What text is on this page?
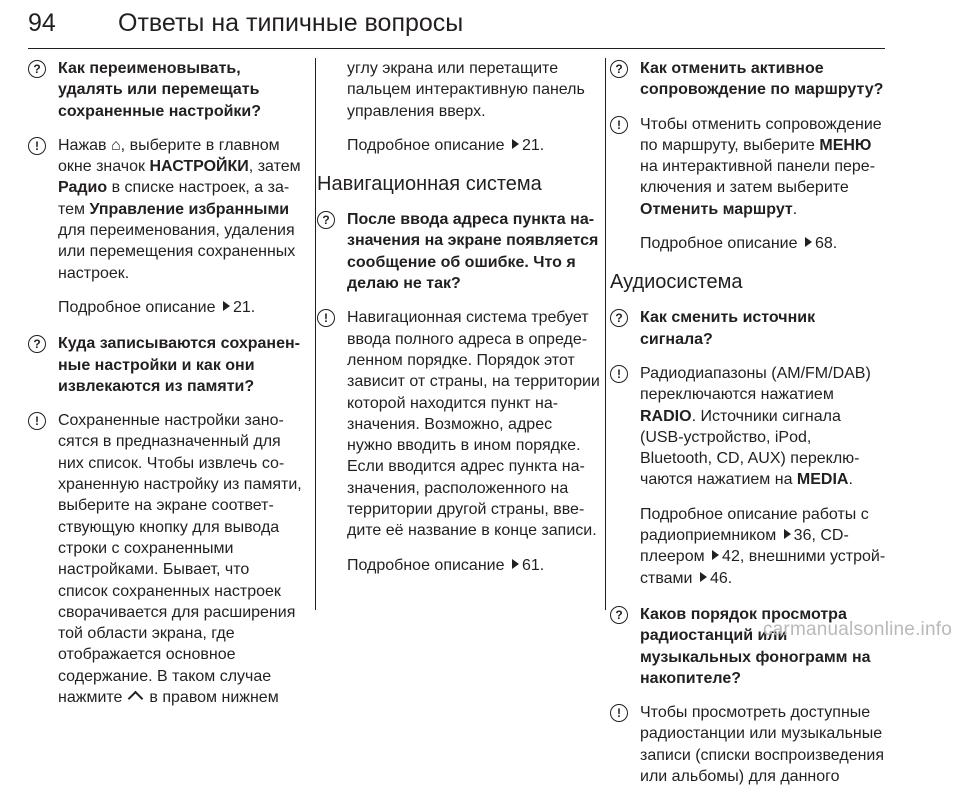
94 Ответы на типичные вопросы
?	Как переименовывать, удалять или перемещать сохраненные настройки?
!	Нажав ⌂, выберите в главном окне значок НАСТРОЙКИ, затем Радио в списке настроек, а затем Управление избранными для переименования, удаления или перемещения сохраненных настроек.
Подробное описание 21.
?	Куда записываются сохраненные настройки и как они извлекаются из памяти?
!	Сохраненные настройки заносятся в предназначенный для них список. Чтобы извлечь сохраненную настройку из памяти, выберите на экране соответствующую кнопку для вывода строки с сохраненными настройками. Бывает, что список сохраненных настроек сворачивается для расширения той области экрана, где отображается основное содержание. В таком случае нажмите в правом нижнем
углу экрана или перетащите пальцем интерактивную панель управления вверх.
Подробное описание 21.
Навигационная система
?	После ввода адреса пункта назначения на экране появляется сообщение об ошибке. Что я делаю не так?
!	Навигационная система требует ввода полного адреса в определенном порядке. Порядок этот зависит от страны, на территории которой находится пункт назначения. Возможно, адрес нужно вводить в ином порядке. Если вводится адрес пункта назначения, расположенного на территории другой страны, введите её название в конце записи.
Подробное описание 61.
?	Как отменить активное сопровождение по маршруту?
!	Чтобы отменить сопровождение по маршруту, выберите МЕНЮ на интерактивной панели переключения и затем выберите Отменить маршрут.
Подробное описание 68.
Аудиосистема
?	Как сменить источник сигнала?
!	Радиодиапазоны (AM/FM/DAB) переключаются нажатием RADIO. Источники сигнала (USB-устройство, iPod, Bluetooth, CD, AUX) переключаются нажатием на MEDIA.
Подробное описание работы с радиоприемником 36, CD-плеером 42, внешними устройствами 46.
?	Каков порядок просмотра радиостанций или музыкальных фонограмм на накопителе?
!	Чтобы просмотреть доступные радиостанции или музыкальные записи (списки воспроизведения или альбомы) для данного
carmanualsonline.info
